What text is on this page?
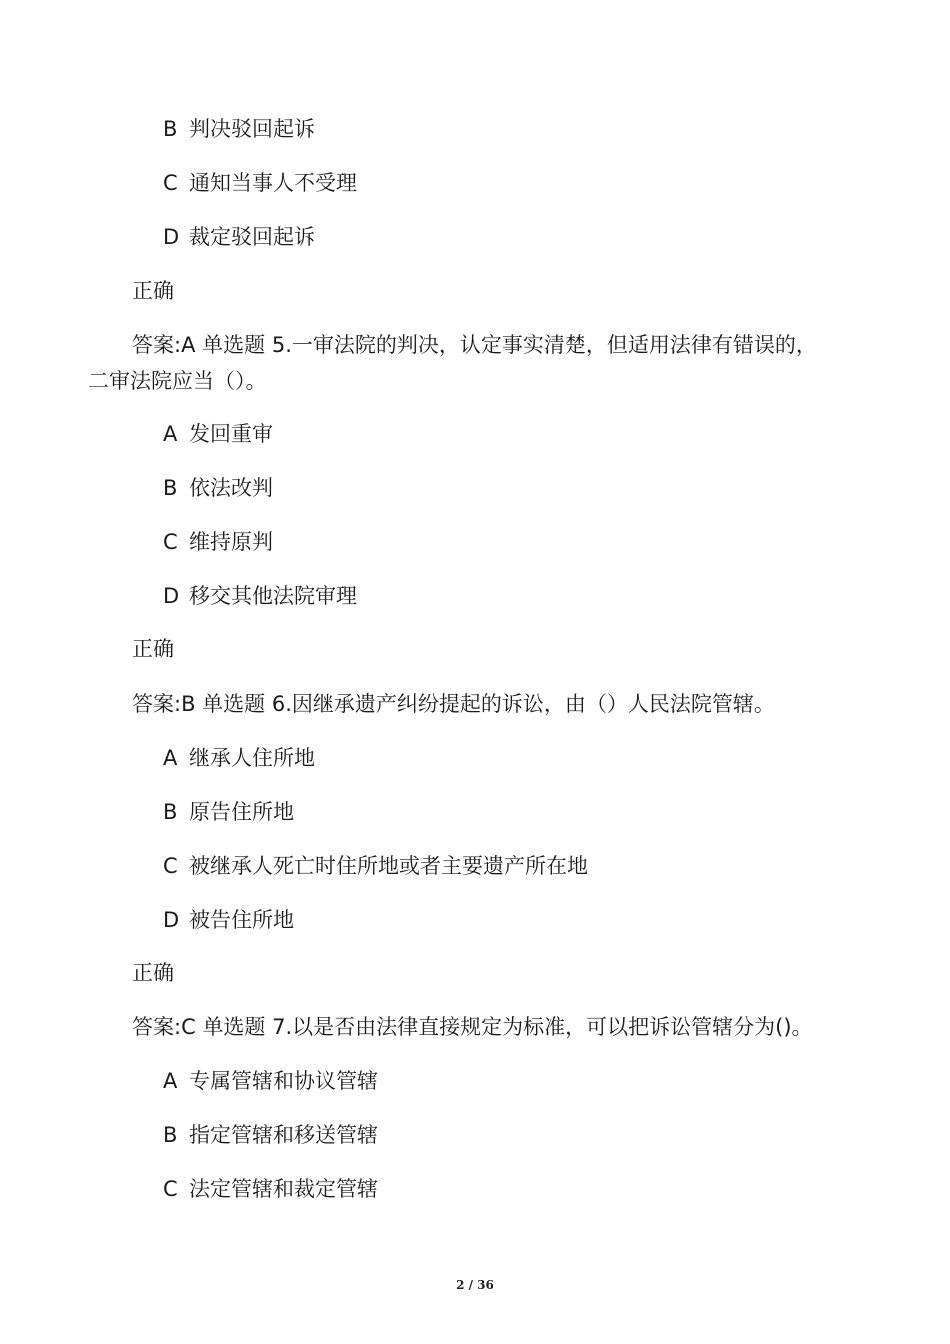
B 判决驳回起诉
C 通知当事人不受理
D 裁定驳回起诉
正确
答案:A 单选题 5.一审法院的判决，认定事实清楚，但适用法律有错误的，
二审法院应当（）。
A 发回重审
B 依法改判
C 维持原判
D 移交其他法院审理
正确
答案:B 单选题 6.因继承遗产纠纷提起的诉讼，由（）人民法院管辖。
A 继承人住所地
B 原告住所地
C 被继承人死亡时住所地或者主要遗产所在地
D 被告住所地
正确
答案:C 单选题 7.以是否由法律直接规定为标准，可以把诉讼管辖分为()。
A 专属管辖和协议管辖
B 指定管辖和移送管辖
C 法定管辖和裁定管辖
2 / 36
